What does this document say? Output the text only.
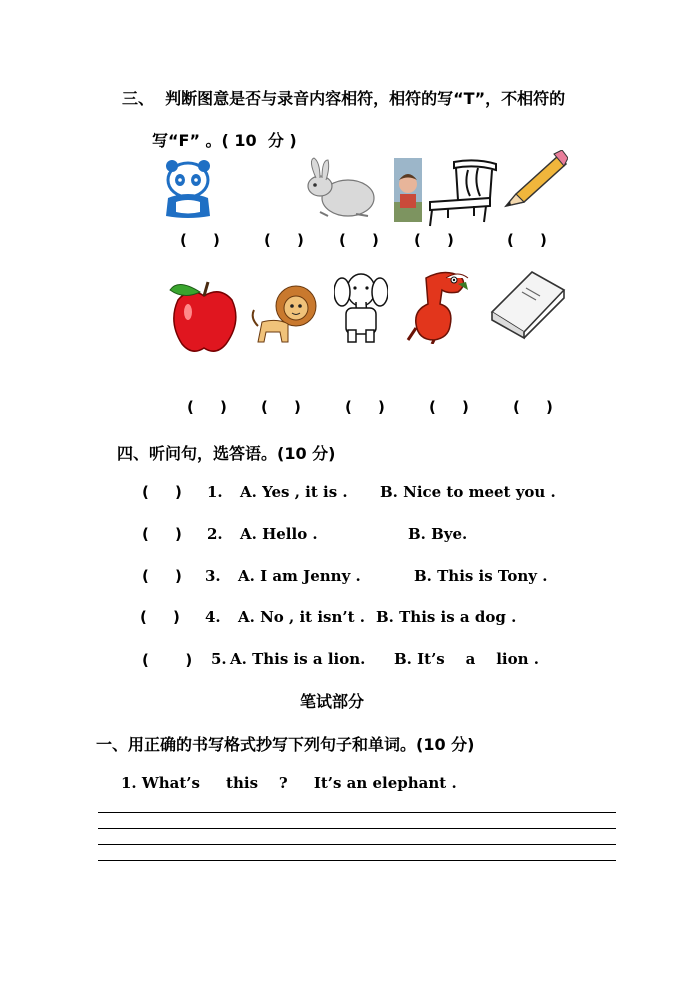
三、  判断图意是否与录音内容相符，相符的写“T”，不相符的
写“F” 。( 10  分 )
(     )	(     ) (     ) (     )	(     )
(     ) (     )	(     )	(     )	(     )
四、听问句，选答语。(10 分)
(     ) 1. A. Yes , it is . B. Nice to meet you .
(     ) 2. A. Hello .	B. Bye.
(     ) 3. A. I am Jenny .	B. This is Tony .
(     ) 4. A. No , it isn’t . B. This is a dog .
(       ) 5. A. This is a lion. B. It’s    a    lion .
笔试部分
一、用正确的书写格式抄写下列句子和单词。(10 分)
1. What’s     this    ?     It’s an elephant .
